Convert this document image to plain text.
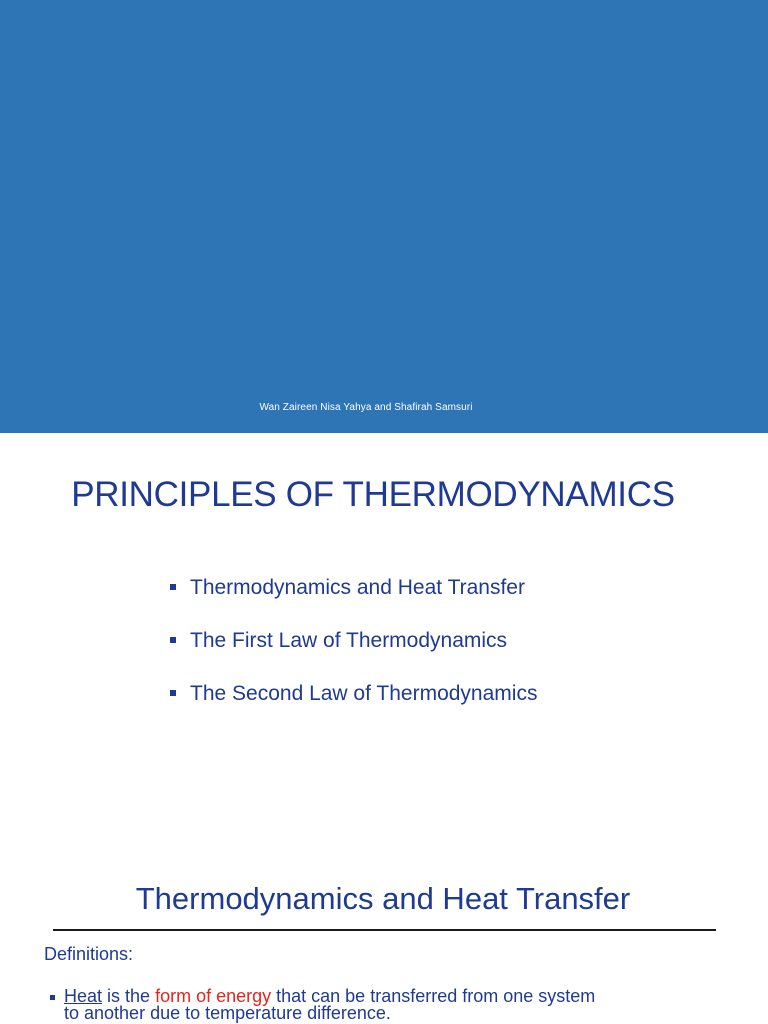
Wan Zaireen Nisa Yahya and Shafirah Samsuri
PRINCIPLES OF THERMODYNAMICS
Thermodynamics and Heat Transfer
The First Law of Thermodynamics
The Second Law of Thermodynamics
Thermodynamics and Heat Transfer
Definitions:
Heat is the form of energy that can be transferred from one system to another due to temperature difference.
